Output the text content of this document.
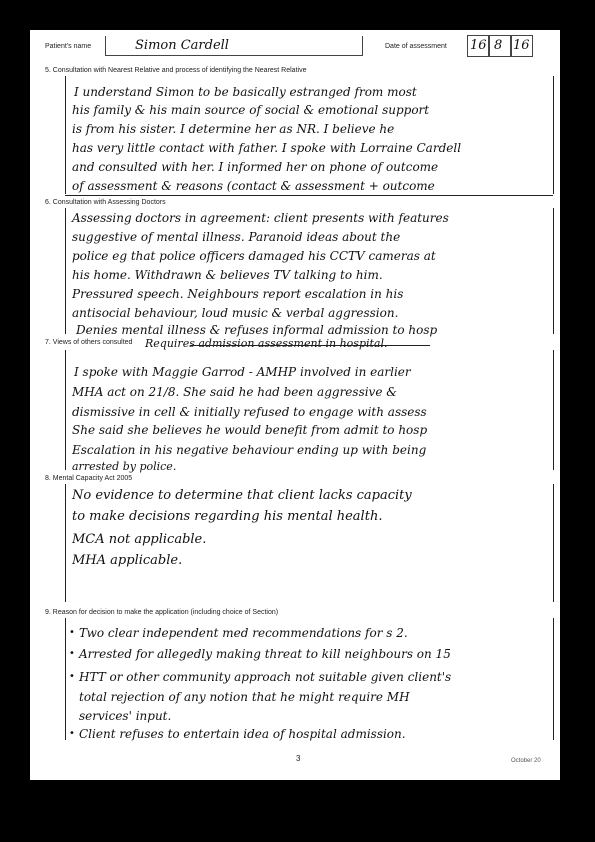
Patient's name	Simon Cardell	Date of assessment 16 8 16
5. Consultation with Nearest Relative and process of identifying the Nearest Relative
I understand Simon to be basically estranged from most
his family & his main source of social & emotional support
is from his sister. I determine her as NR. I believe he
has very little contact with father. I spoke with Lorraine Cardell
and consulted with her. I informed her on phone of outcome
of assessment & reasons (contact & assessment + outcome
6. Consultation with Assessing Doctors
Assessing doctors in agreement: client presents with features
suggestive of mental illness. Paranoid ideas about the
police eg that police officers damaged his CCTV cameras at
his home. Withdrawn & believes TV talking to him.
Pressured speech. Neighbours report escalation in his
antisocial behaviour, loud music & verbal aggression.
Denies mental illness & refuses informal admission to hosp
Requires admission assessment in hospital.
7. Views of others consulted
I spoke with Maggie Garrod - AMHP involved in earlier
MHA act on 21/8. She said he had been aggressive &
dismissive in cell & initially refused to engage with assess
She said she believes he would benefit from admit to hosp
Escalation in his negative behaviour ending up with being
arrested by police.
8. Mental Capacity Act 2005
No evidence to determine that client lacks capacity
to make decisions regarding his mental health.
MCA not applicable.
MHA applicable.
9. Reason for decision to make the application (including choice of Section)
•
•
•
•
Two clear independent med recommendations for s 2.
Arrested for allegedly making threat to kill neighbours on 15
HTT or other community approach not suitable given client's
total rejection of any notion that he might require MH
services' input.
Client refuses to entertain idea of hospital admission.
3	October 20
54
